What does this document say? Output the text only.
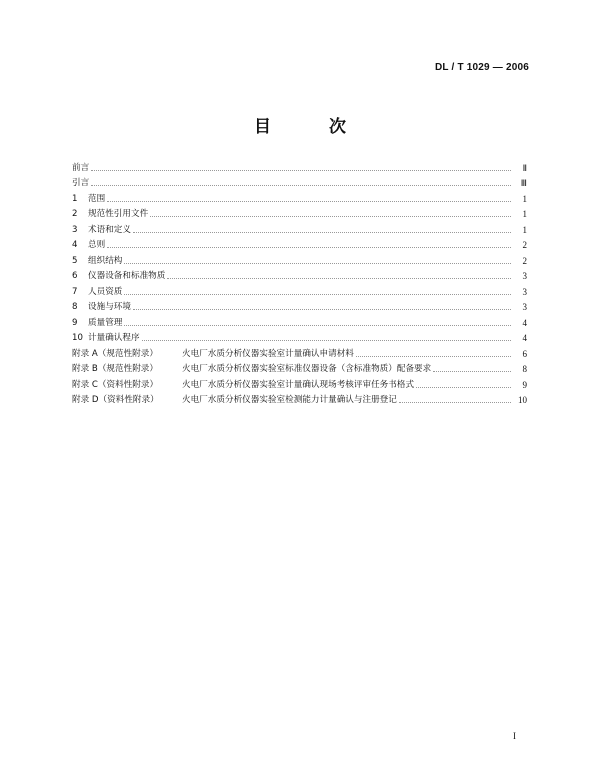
DL / T 1029 — 2006
目 次
前言	Ⅱ
引言	Ⅲ
1	范围	1
2	规范性引用文件	1
3	术语和定义	1
4	总则	2
5	组织结构	2
6	仪器设备和标准物质	3
7	人员资质	3
8	设施与环境	3
9	质量管理	4
10 计量确认程序	4
附录 A（规范性附录）	火电厂水质分析仪器实验室计量确认申请材料	6
附录 B（规范性附录）	火电厂水质分析仪器实验室标准仪器设备（含标准物质）配备要求	8
附录 C（资料性附录）	火电厂水质分析仪器实验室计量确认现场考核评审任务书格式	9
附录 D（资料性附录）	火电厂水质分析仪器实验室检测能力计量确认与注册登记	10
I
